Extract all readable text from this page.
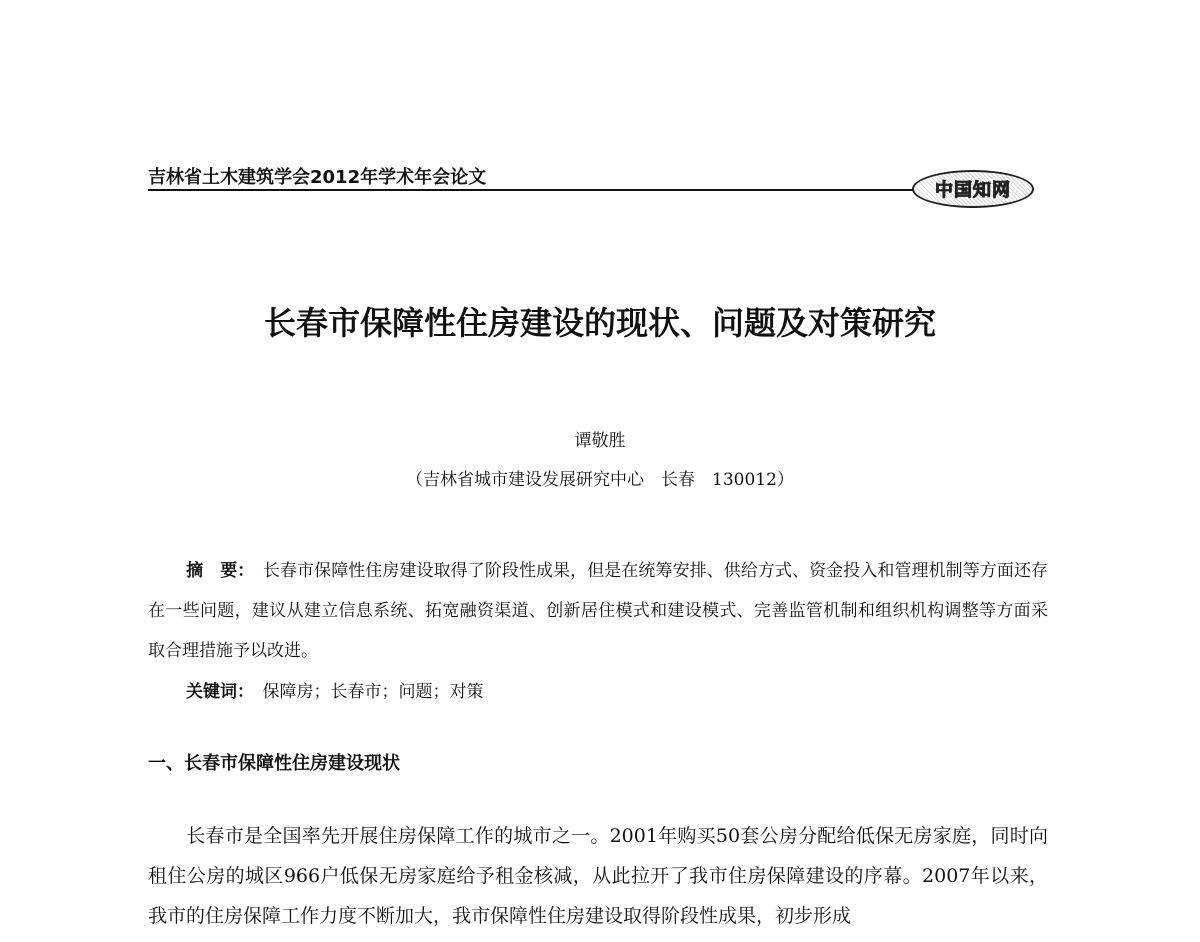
吉林省土木建筑学会2012年学术年会论文
中国知网
长春市保障性住房建设的现状、问题及对策研究
谭敬胜
（吉林省城市建设发展研究中心　长春　130012）
摘　要：　 长春市保障性住房建设取得了阶段性成果，但是在统筹安排、供给方式、资金投入和管理机制等方面还存在一些问题，建议从建立信息系统、拓宽融资渠道、创新居住模式和建设模式、完善监管机制和组织机构调整等方面采取合理措施予以改进。
关键词：　 保障房；长春市；问题；对策
一、长春市保障性住房建设现状
长春市是全国率先开展住房保障工作的城市之一。2001年购买50套公房分配给低保无房家庭，同时向租住公房的城区966户低保无房家庭给予租金核减，从此拉开了我市住房保障建设的序幕。2007年以来，我市的住房保障工作力度不断加大，我市保障性住房建设取得阶段性成果，初步形成
